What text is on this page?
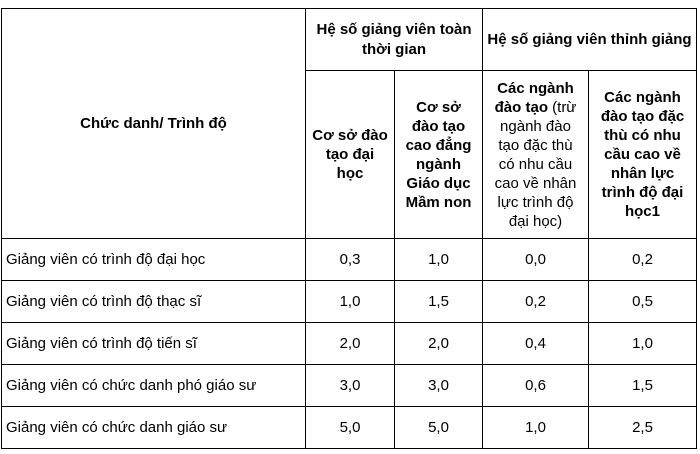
Chức danh/ Trình độ	Hệ số giảng viên toàn thời gian		Hệ số giảng viên thỉnh giảng	
	Cơ sở đào tạo đại học	Cơ sở đào tạo cao đẳng ngành Giáo dục Mầm non	Các ngành đào tạo (trừ ngành đào tạo đặc thù có nhu cầu cao về nhân lực trình độ đại học)	Các ngành đào tạo đặc thù có nhu cầu cao về nhân lực trình độ đại học1
Giảng viên có trình độ đại học	0,3	1,0	0,0	0,2
Giảng viên có trình độ thạc sĩ	1,0	1,5	0,2	0,5
Giảng viên có trình độ tiến sĩ	2,0	2,0	0,4	1,0
Giảng viên có chức danh phó giáo sư	3,0	3,0	0,6	1,5
Giảng viên có chức danh giáo sư	5,0	5,0	1,0	2,5
